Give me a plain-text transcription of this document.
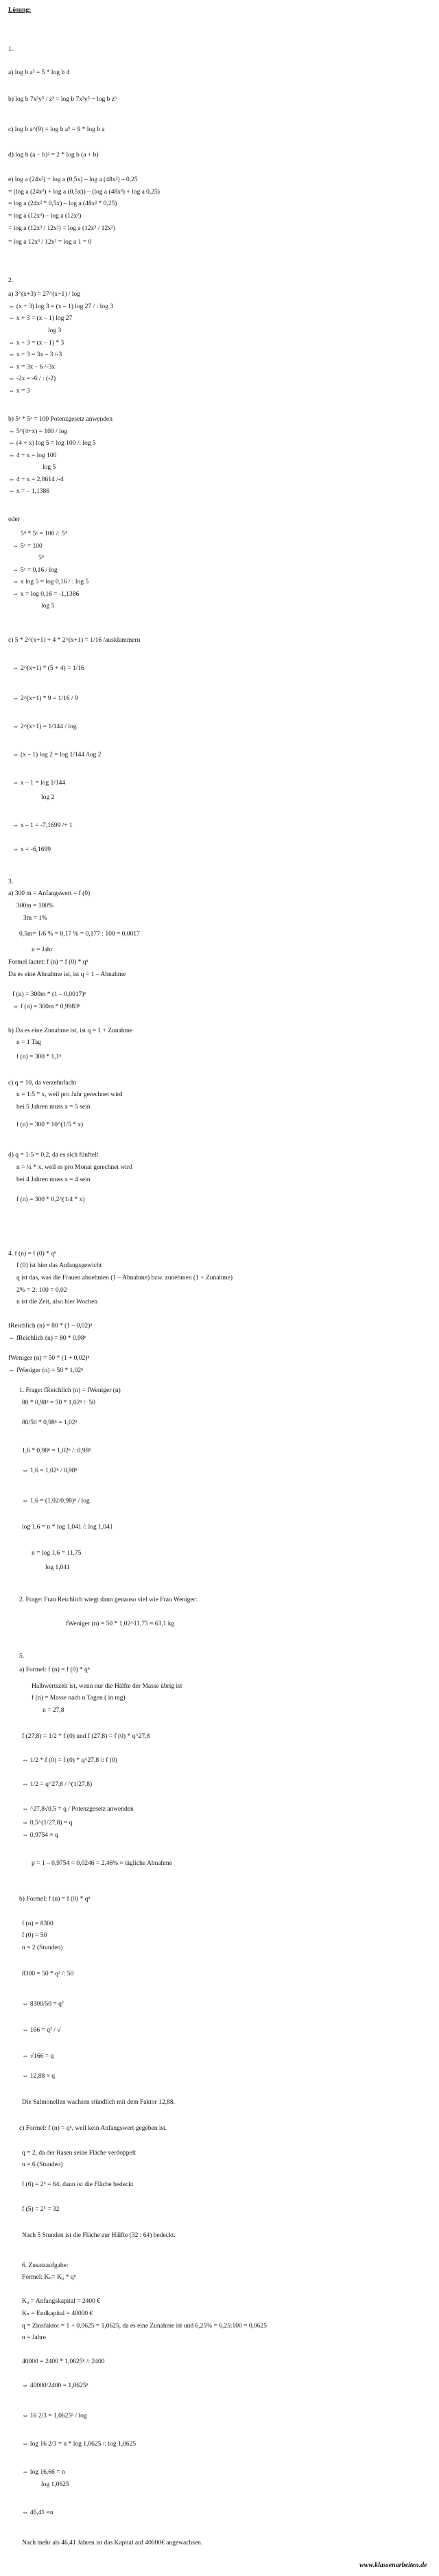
Lösung:
1.
a) log b a³ = 5 * log b 4
b) log b 7x³y⁵ / z³ = log b 7x³y⁵ − log b z⁶
c) log b a^(9) = log b a⁹ = 9 * log b a
d) log b (a − b)² = 2 * log b (a + b)
e) log a (24x²) + log a (0,5x) – log a (48x²) – 0,25
= (log a (24x²) + log a (0,5x)) – (log a (48x²) + log a 0,25)
= log a (24x² * 0,5x) – log a (48x² * 0,25)
= log a (12x³) – log a (12x²)
= log a (12x³ / 12x²) = log a (12x³ / 12x²)
= log a 12x³ / 12x² = log a 1 = 0
2.
a) 3^(x+3) = 27^(x−1) / log
⇔ (x + 3) log 3 = (x – 1) log 27 / : log 3
⇔ x + 3 = (x – 1) log 27
log 3
⇔ x + 3 = (x – 1) * 3
⇔ x + 3 = 3x – 3 /-3
⇔ x = 3x – 6 /-3x
⇔ -2x = -6 / : (-2)
⇔ x = 3
b) 5ˣ * 5ˣ = 100 Potenzgesetz anwenden
⇔ 5^(4+x) = 100 / log
⇔ (4 + x) log 5 = log 100 /: log 5
⇔ 4 + x = log 100
log 5
⇔ 4 + x = 2,8614 /-4
⇔ x = – 1,1386
oder
5⁴ * 5ˣ = 100 /: 5⁴
⇔ 5ˣ = 100
5⁴
⇔ 5ˣ = 0,16 / log
⇔ x log 5 = log 0,16 / : log 5
⇔ x = log 0,16 = -1,1386
log 5
c) 5 * 2^(x+1) + 4 * 2^(x+1) = 1/16 /ausklammern
⇔ 2^(x+1) * (5 + 4) = 1/16
⇔ 2^(x+1) * 9 = 1/16 / 9
⇔ 2^(x+1) = 1/144 / log
⇔ (x – 1) log 2 = log 1/144 /log 2
⇔ x – 1 = log 1/144
log 2
⇔ x – 1 = -7,1699 /+ 1
⇔ x = -6,1699
3.
a) 300 m = Anfangswert = f (0)
300m = 100%
3m = 1%
0,5m= 1/6 % = 0,17 % = 0,177 : 100 = 0,0017
n = Jahr
Formel lautet: f (n) = f (0) * qⁿ
Da es eine Abnahme ist, ist q = 1 – Abnahme
f (n) = 300m * (1 – 0,0017)ⁿ
⇔ f (n) = 300m * 0,9983ⁿ
b) Da es eine Zunahme ist, ist q = 1 + Zunahme
n = 1 Tag
f (n) = 300 * 1,1ⁿ
c) q = 10, da verzehnfacht
n = 1:5 * x, weil pro Jahr gerechnet wird
bei 5 Jahren muss x = 5 sein
f (n) = 300 * 10^(1/5 * x)
d) q = 1:5 = 0,2, da es sich fünftelt
n = ¼ * x, weil es pro Monat gerechnet wird
bei 4 Jahren muss x = 4 sein
f (n) = 300 * 0,2^(1/4 * x)
4. f (n) = f (0) * qⁿ
f (0) ist hier das Anfangsgewicht
q ist das, was die Frauen abnehmen (1 – Abnahme) bzw. zunehmen (1 + Zunahme)
2% = 2: 100 = 0,02
n ist die Zeit, also hier Wochen
fReichlich (n) = 80 * (1 – 0,02)ⁿ
⇔ fReichlich (n) = 80 * 0,98ⁿ
fWeniger (n) = 50 * (1 + 0,02)ⁿ
⇔ fWeniger (n) = 50 * 1,02ⁿ
1. Frage: fReichlich (n) = fWeniger (n)
80 * 0,98ⁿ = 50 * 1,02ⁿ /: 50
80/50 * 0,98ⁿ = 1,02ⁿ
1,6 * 0,98ⁿ = 1,02ⁿ /: 0,98ⁿ
⇔ 1,6 = 1,02ⁿ / 0,98ⁿ
⇔ 1,6 = (1,02/0,98)ⁿ / log
log 1,6 = n * log 1,041 /: log 1,041
n = log 1,6 = 11,75
log 1,041
2. Frage: Frau Reichlich wiegt dann genauso viel wie Frau Weniger:
fWeniger (n) = 50 * 1,02^11,75 ≈ 63,1 kg
5.
a) Formel: f (n) = f (0) * qⁿ
Halbwertszeit ist, wenn nur die Hälfte der Masse übrig ist
f (n) = Masse nach n Tagen ( in mg)
n = 27,8
f (27,8) = 1/2 * f (0) und f (27,8) = f (0) * q^27,8
⇔ 1/2 * f (0) = f (0) * q^27,8 /: f (0)
⇔ 1/2 = q^27,8 / ^(1/27,8)
⇔ ^27,8√0,5 = q / Potenzgesetz anwenden
⇔ 0,5^(1/27,8) = q
⇔ 0,9754 ≈ q
p = 1 – 0,9754 = 0,0246 = 2,46% ≈ tägliche Abnahme
b) Formel: f (n) = f (0) * qⁿ
f (n) = 8300
f (0) = 50
n = 2 (Stunden)
8300 = 50 * q² /: 50
⇔ 8300/50 = q²
⇔ 166 = q² / √
⇔ √166 = q
⇔ 12,88 ≈ q
Die Salmonellen wachsen stündlich mit dem Faktor 12,88.
c) Formel: f (n) = qⁿ, weil kein Anfangswert gegeben ist.
q = 2, da der Rasen seine Fläche verdoppelt
n = 6 (Stunden)
f (6) = 2⁶ = 64, dann ist die Fläche bedeckt
f (5) = 2⁵ = 32
Nach 5 Stunden ist die Fläche zur Hälfte (32 : 64) bedeckt.
6. Zusatzaufgabe:
Formel: Kₙ= K₀ * qⁿ
K₀ = Anfangskapital = 2400 €
Kₙ = Endkapital = 40000 €
q = Zinsfaktor = 1 + 0,0625 = 1,0625, da es eine Zunahme ist und 6,25% = 6,25:100 = 0,0625
n = Jahre
40000 = 2400 * 1,0625ⁿ /: 2400
⇔ 40000/2400 = 1,0625ⁿ
⇔ 16 2/3 = 1,0625ⁿ / log
⇔ log 16 2/3 = n * log 1,0625 /: log 1,0625
⇔ log 16,66 = n
log 1,0625
⇔ 46,41 ≈n
Nach mehr als 46,41 Jahren ist das Kapital auf 40000€ angewachsen.
www.klassenarbeiten.de
